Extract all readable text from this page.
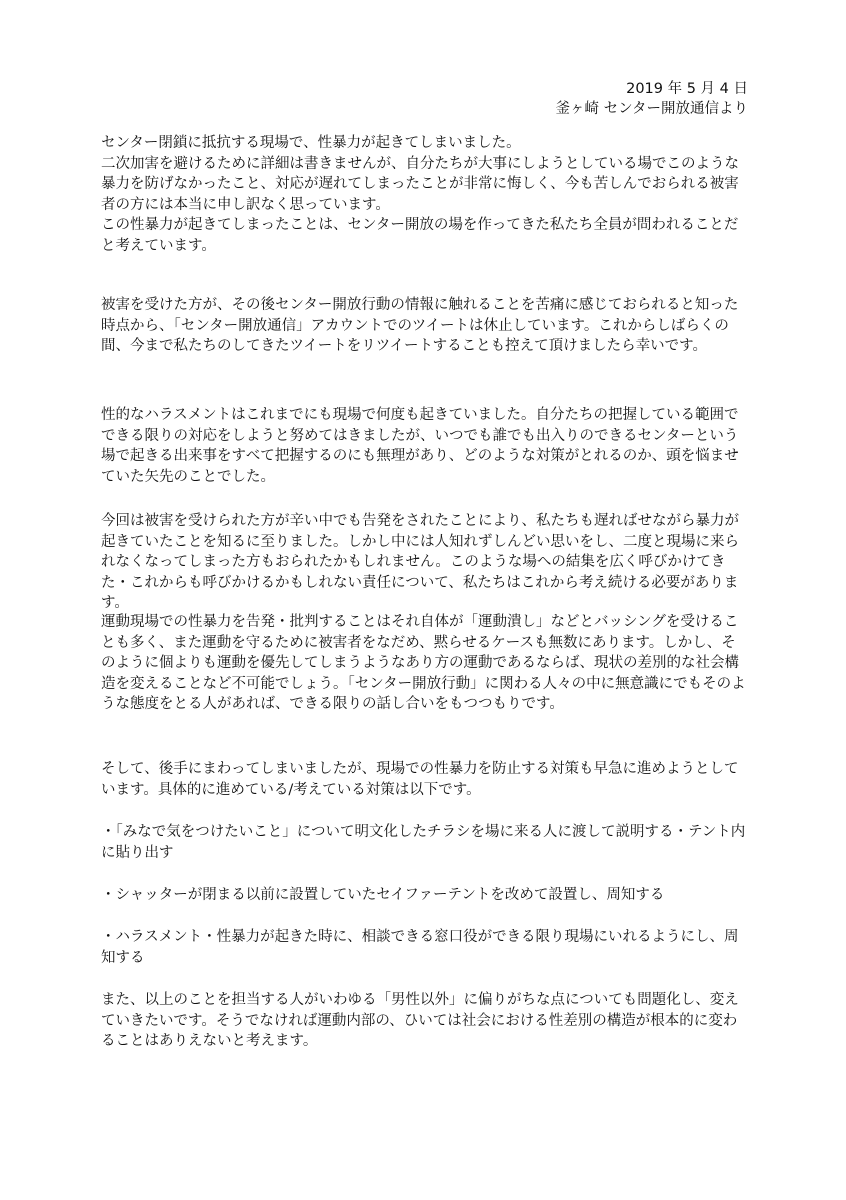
2019 年 5 月 4 日
釜ヶ崎 センター開放通信より

センター閉鎖に抵抗する現場で、性暴力が起きてしまいました。
二次加害を避けるために詳細は書きませんが、自分たちが大事にしようとしている場でこのような暴力を防げなかったこと、対応が遅れてしまったことが非常に悔しく、今も苦しんでおられる被害者の方には本当に申し訳なく思っています。
この性暴力が起きてしまったことは、センター開放の場を作ってきた私たち全員が問われることだと考えています。

被害を受けた方が、その後センター開放行動の情報に触れることを苦痛に感じておられると知った時点から、「センター開放通信」アカウントでのツイートは休止しています。これからしばらくの間、今まで私たちのしてきたツイートをリツイートすることも控えて頂けましたら幸いです。

性的なハラスメントはこれまでにも現場で何度も起きていました。自分たちの把握している範囲でできる限りの対応をしようと努めてはきましたが、いつでも誰でも出入りのできるセンターという場で起きる出来事をすべて把握するのにも無理があり、どのような対策がとれるのか、頭を悩ませていた矢先のことでした。

今回は被害を受けられた方が辛い中でも告発をされたことにより、私たちも遅ればせながら暴力が起きていたことを知るに至りました。しかし中には人知れずしんどい思いをし、二度と現場に来られなくなってしまった方もおられたかもしれません。このような場への結集を広く呼びかけてきた・これからも呼びかけるかもしれない責任について、私たちはこれから考え続ける必要があります。

運動現場での性暴力を告発・批判することはそれ自体が「運動潰し」などとバッシングを受けることも多く、また運動を守るために被害者をなだめ、黙らせるケースも無数にあります。しかし、そのように個よりも運動を優先してしまうようなあり方の運動であるならば、現状の差別的な社会構造を変えることなど不可能でしょう。「センター開放行動」に関わる人々の中に無意識にでもそのような態度をとる人があれば、できる限りの話し合いをもつつもりです。

そして、後手にまわってしまいましたが、現場での性暴力を防止する対策も早急に進めようとしています。具体的に進めている/考えている対策は以下です。

・「みなで気をつけたいこと」について明文化したチラシを場に来る人に渡して説明する・テント内に貼り出す

・シャッターが閉まる以前に設置していたセイファーテントを改めて設置し、周知する

・ハラスメント・性暴力が起きた時に、相談できる窓口役ができる限り現場にいれるようにし、周知する

また、以上のことを担当する人がいわゆる「男性以外」に偏りがちな点についても問題化し、変えていきたいです。そうでなければ運動内部の、ひいては社会における性差別の構造が根本的に変わることはありえないと考えます。
